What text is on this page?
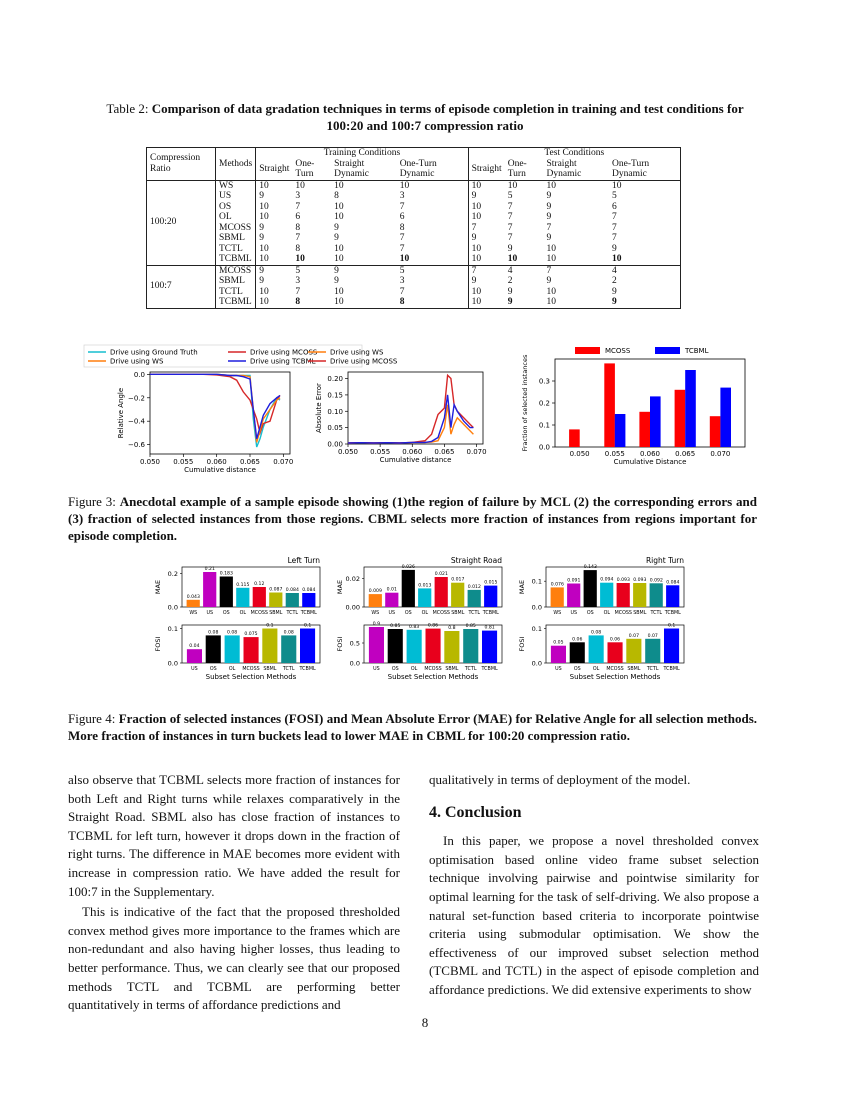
Table 2: Comparison of data gradation techniques in terms of episode completion in training and test conditions for
100:20 and 100:7 compression ratio
Compression Ratio	Methods	Training Conditions				Test Conditions			
		Straight	One-Turn	Straight Dynamic	One-Turn Dynamic	Straight	One-Turn	Straight Dynamic	One-Turn Dynamic
100:20	WS	10	10	10	10	10	10	10	10
	US	9	3	8	3	9	5	9	5
	OS	10	7	10	7	10	7	9	6
	OL	10	6	10	6	10	7	9	7
	MCOSS	9	8	9	8	7	7	7	7
	SBML	9	7	9	7	9	7	9	7
	TCTL	10	8	10	7	10	9	10	9
	TCBML	10	10	10	10	10	10	10	10
100:7	MCOSS	9	5	9	5	7	4	7	4
	SBML	9	3	9	3	9	2	9	2
	TCTL	10	7	10	7	10	9	10	9
	TCBML	10	8	10	8	10	9	10	9
0.050 0.055 0.060 0.065 0.070
0.0
−0.2
−0.4
−0.6
Cumulative distance
Relative Angle
Drive using Ground Truth	Drive using MCOSS
Drive using WS	Drive using TCBML
0.050 0.055 0.060 0.065 0.070
0.00
0.05
0.10
0.15
0.20
Cumulative distance
Absolute Error
Drive using WS
Drive using MCOSS
0.0
0.1
0.2
0.3
0.050 0.055 0.060 0.065 0.070
Cumulative Distance
Fraction of selected instances
MCOSS	TCBML
Figure 3: Anecdotal example of a sample episode showing (1)the region of failure by MCL (2) the corresponding errors and (3) fraction of selected instances from those regions. CBML selects more fraction of instances from regions important for episode completion.
Left Turn
0.0
0.2
MAE
0.043
WS
0.21
US
0.183
OS
0.115
OL
0.12
MCOSS
0.087
SBML
0.084
TCTL
0.084
TCBML
0.0
0.1
FOSI	0.04
US
0.08
OS
0.08
OL
0.075
MCOSS
0.1
SBML
0.08
TCTL
0.1
TCBML
Subset Selection Methods
Straight Road
0.00
0.02
MAE	0.009
WS
0.01
US
0.026
OS
0.013
OL
0.021
MCOSS
0.017
SBML
0.012
TCTL
0.015
TCBML
0.0
0.5
FOSI
0.9
US
0.85
OS
0.83
OL
0.86
MCOSS
0.8
SBML
0.85
TCTL
0.81
TCBML
Subset Selection Methods
Right Turn
0.0
0.1
MAE	0.076
WS
0.091
US
0.143
OS
0.094
OL
0.093
MCOSS
0.093
SBML
0.092
TCTL
0.084
TCBML
0.0
0.1
FOSI	0.05
US
0.06
OS
0.08
OL
0.06
MCOSS
0.07
SBML
0.07
TCTL
0.1
TCBML
Subset Selection Methods
Figure 4: Fraction of selected instances (FOSI) and Mean Absolute Error (MAE) for Relative Angle for all selection methods. More fraction of instances in turn buckets lead to lower MAE in CBML for 100:20 compression ratio.

also observe that TCBML selects more fraction of instances for both Left and Right turns while relaxes comparatively in the Straight Road. SBML also has close fraction of instances to TCBML for left turn, however it drops down in the fraction of right turns. The difference in MAE becomes more evident with increase in compression ratio. We have added the result for 100:7 in the Supplementary.

This is indicative of the fact that the proposed thresholded convex method gives more importance to the frames which are non-redundant and also having higher losses, thus leading to better performance. Thus, we can clearly see that our proposed methods TCTL and TCBML are performing better quantitatively in terms of affordance predictions and

qualitatively in terms of deployment of the model.

4. Conclusion

In this paper, we propose a novel thresholded convex optimisation based online video frame subset selection technique involving pairwise and pointwise similarity for optimal learning for the task of self-driving. We also propose a natural set-function based criteria to incorporate pointwise criteria using submodular optimisation. We show the effectiveness of our improved subset selection method (TCBML and TCTL) in the aspect of episode completion and affordance predictions. We did extensive experiments to show

8
